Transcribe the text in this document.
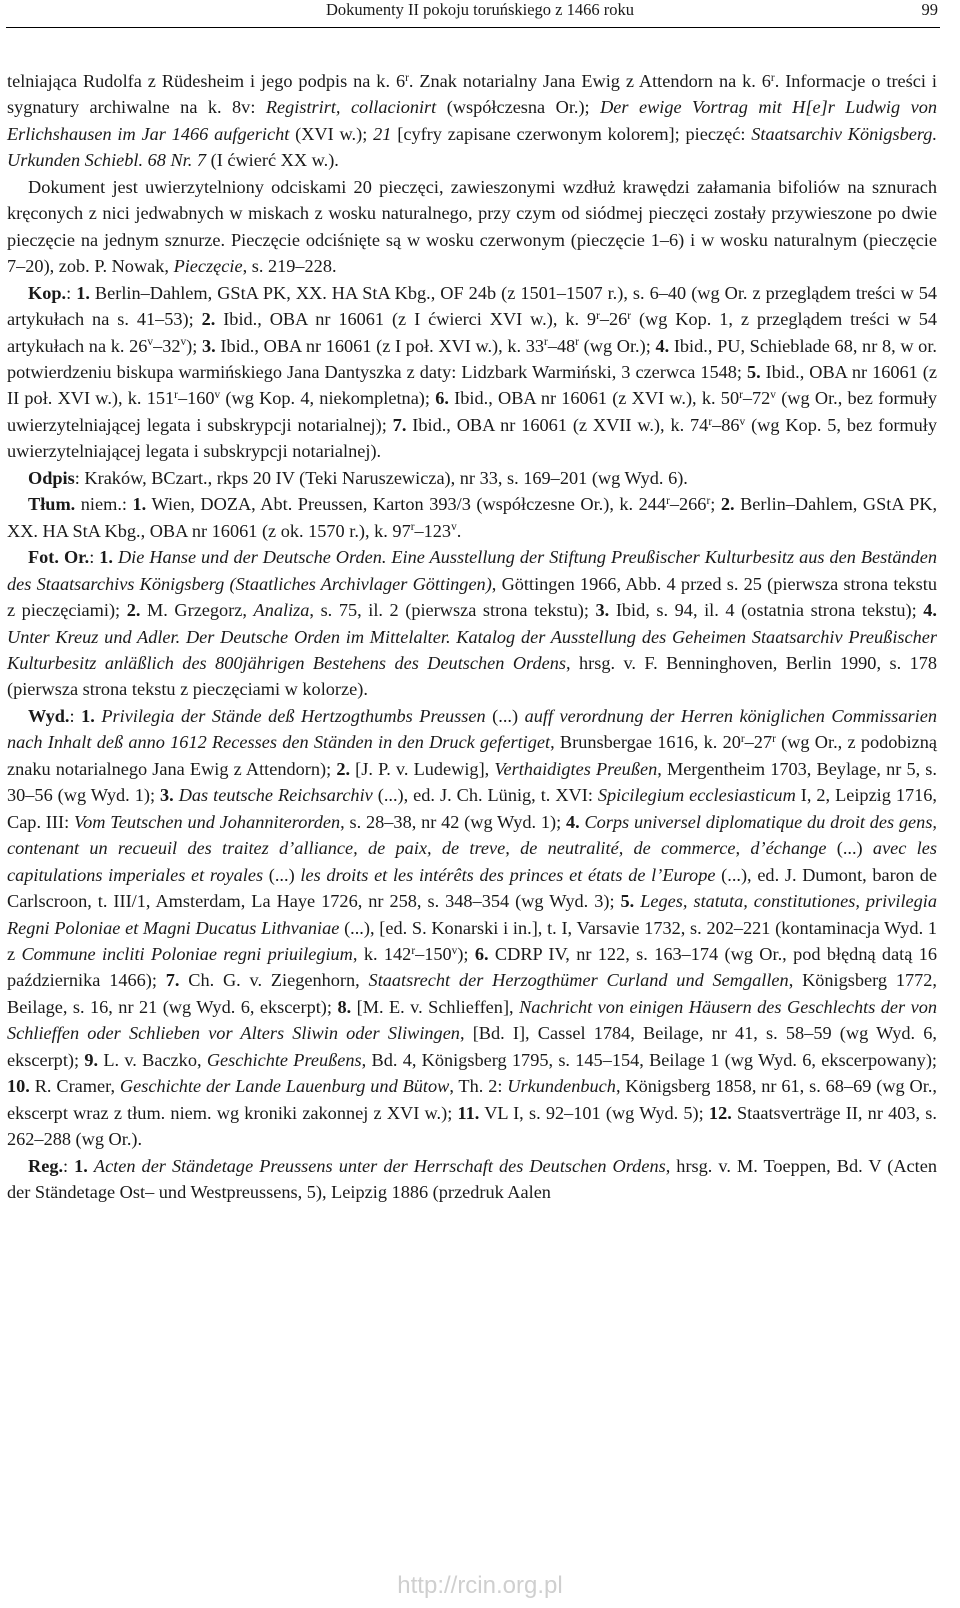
Dokumenty II pokoju toruńskiego z 1466 roku	99

telniająca Rudolfa z Rüdesheim i jego podpis na k. 6$^r$. Znak notarialny Jana Ewig z Attendorn na k. 6$^r$. Informacje o treści i sygnatury archiwalne na k. 8v: Registrirt, collacionirt (współczesna Or.); Der ewige Vortrag mit H[e]r Ludwig von Erlichshausen im Jar 1466 aufgericht (XVI w.); 21 [cyfry zapisane czerwonym kolorem]; pieczęć: Staatsarchiv Königsberg. Urkunden Schiebl. 68 Nr. 7 (I ćwierć XX w.).

Dokument jest uwierzytelniony odciskami 20 pieczęci, zawieszonymi wzdłuż krawędzi załamania bifoliów na sznurach kręconych z nici jedwabnych w miskach z wosku naturalnego, przy czym od siódmej pieczęci zostały przywieszone po dwie pieczęcie na jednym sznurze. Pieczęcie odciśnięte są w wosku czerwonym (pieczęcie 1–6) i w wosku naturalnym (pieczęcie 7–20), zob. P. Nowak, Pieczęcie, s. 219–228.

Kop.: 1. Berlin–Dahlem, GStA PK, XX. HA StA Kbg., OF 24b (z 1501–1507 r.), s. 6–40 (wg Or. z przeglądem treści w 54 artykułach na s. 41–53); 2. Ibid., OBA nr 16061 (z I ćwierci XVI w.), k. 9$^r$–26$^r$ (wg Kop. 1, z przeglądem treści w 54 artykułach na k. 26$^v$–32$^v$); 3. Ibid., OBA nr 16061 (z I poł. XVI w.), k. 33$^r$–48$^r$ (wg Or.); 4. Ibid., PU, Schieblade 68, nr 8, w or. potwierdzeniu biskupa warmińskiego Jana Dantyszka z daty: Lidzbark Warmiński, 3 czerwca 1548; 5. Ibid., OBA nr 16061 (z II poł. XVI w.), k. 151$^r$–160$^v$ (wg Kop. 4, niekompletna); 6. Ibid., OBA nr 16061 (z XVI w.), k. 50$^r$–72$^v$ (wg Or., bez formuły uwierzytelniającej legata i subskrypcji notarialnej); 7. Ibid., OBA nr 16061 (z XVII w.), k. 74$^r$–86$^v$ (wg Kop. 5, bez formuły uwierzytelniającej legata i subskrypcji notarialnej).

Odpis: Kraków, BCzart., rkps 20 IV (Teki Naruszewicza), nr 33, s. 169–201 (wg Wyd. 6).

Tłum. niem.: 1. Wien, DOZA, Abt. Preussen, Karton 393/3 (współczesne Or.), k. 244$^r$–266$^r$; 2. Berlin–Dahlem, GStA PK, XX. HA StA Kbg., OBA nr 16061 (z ok. 1570 r.), k. 97$^r$–123$^v$.

Fot. Or.: 1. Die Hanse und der Deutsche Orden. Eine Ausstellung der Stiftung Preußischer Kulturbesitz aus den Beständen des Staatsarchivs Königsberg (Staatliches Archivlager Göttingen), Göttingen 1966, Abb. 4 przed s. 25 (pierwsza strona tekstu z pieczęciami); 2. M. Grzegorz, Analiza, s. 75, il. 2 (pierwsza strona tekstu); 3. Ibid, s. 94, il. 4 (ostatnia strona tekstu); 4. Unter Kreuz und Adler. Der Deutsche Orden im Mittelalter. Katalog der Ausstellung des Geheimen Staatsarchiv Preußischer Kulturbesitz anläßlich des 800jährigen Bestehens des Deutschen Ordens, hrsg. v. F. Benninghoven, Berlin 1990, s. 178 (pierwsza strona tekstu z pieczęciami w kolorze).

Wyd.: 1. Privilegia der Stände deß Hertzogthumbs Preussen (...) auff verordnung der Herren königlichen Commissarien nach Inhalt deß anno 1612 Recesses den Ständen in den Druck gefertiget, Brunsbergae 1616, k. 20$^r$–27$^r$ (wg Or., z podobizną znaku notarialnego Jana Ewig z Attendorn); 2. [J. P. v. Ludewig], Verthaidigtes Preußen, Mergentheim 1703, Beylage, nr 5, s. 30–56 (wg Wyd. 1); 3. Das teutsche Reichsarchiv (...), ed. J. Ch. Lünig, t. XVI: Spicilegium ecclesiasticum I, 2, Leipzig 1716, Cap. III: Vom Teutschen und Johanniterorden, s. 28–38, nr 42 (wg Wyd. 1); 4. Corps universel diplomatique du droit des gens, contenant un recueuil des traitez d’alliance, de paix, de treve, de neutralité, de commerce, d’échange (...) avec les capitulations imperiales et royales (...) les droits et les intérêts des princes et états de l’Europe (...), ed. J. Dumont, baron de Carlscroon, t. III/1, Amsterdam, La Haye 1726, nr 258, s. 348–354 (wg Wyd. 3); 5. Leges, statuta, constitutiones, privilegia Regni Poloniae et Magni Ducatus Lithvaniae (...), [ed. S. Konarski i in.], t. I, Varsavie 1732, s. 202–221 (kontaminacja Wyd. 1 z Commune incliti Poloniae regni priuilegium, k. 142$^r$–150$^v$); 6. CDRP IV, nr 122, s. 163–174 (wg Or., pod błędną datą 16 października 1466); 7. Ch. G. v. Ziegenhorn, Staatsrecht der Herzogthümer Curland und Semgallen, Königsberg 1772, Beilage, s. 16, nr 21 (wg Wyd. 6, ekscerpt); 8. [M. E. v. Schlieffen], Nachricht von einigen Häusern des Geschlechts der von Schlieffen oder Schlieben vor Alters Sliwin oder Sliwingen, [Bd. I], Cassel 1784, Beilage, nr 41, s. 58–59 (wg Wyd. 6, ekscerpt); 9. L. v. Baczko, Geschichte Preußens, Bd. 4, Königsberg 1795, s. 145–154, Beilage 1 (wg Wyd. 6, ekscerpowany); 10. R. Cramer, Geschichte der Lande Lauenburg und Bütow, Th. 2: Urkundenbuch, Königsberg 1858, nr 61, s. 68–69 (wg Or., ekscerpt wraz z tłum. niem. wg kroniki zakonnej z XVI w.); 11. VL I, s. 92–101 (wg Wyd. 5); 12. Staatsverträge II, nr 403, s. 262–288 (wg Or.).

Reg.: 1. Acten der Ständetage Preussens unter der Herrschaft des Deutschen Ordens, hrsg. v. M. Toeppen, Bd. V (Acten der Ständetage Ost– und Westpreussens, 5), Leipzig 1886 (przedruk Aalen

http://rcin.org.pl
